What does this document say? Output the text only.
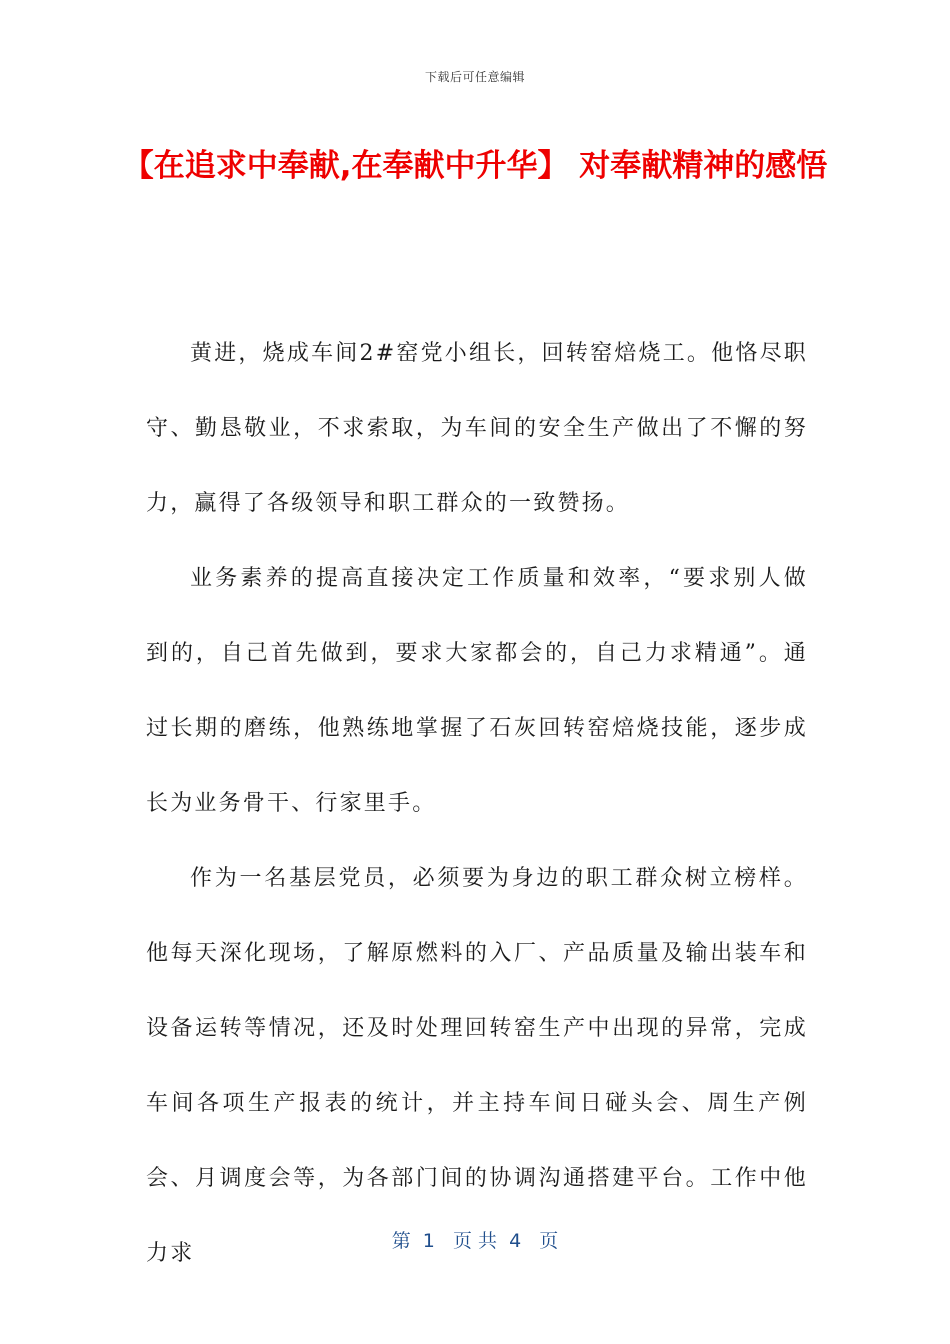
下载后可任意编辑
【在追求中奉献,在奉献中升华】 对奉献精神的感悟

黄进，烧成车间2#窑党小组长，回转窑焙烧工。他恪尽职守、勤恳敬业，不求索取，为车间的安全生产做出了不懈的努力，赢得了各级领导和职工群众的一致赞扬。

业务素养的提高直接决定工作质量和效率，“要求别人做到的，自己首先做到，要求大家都会的，自己力求精通”。通过长期的磨练，他熟练地掌握了石灰回转窑焙烧技能，逐步成长为业务骨干、行家里手。

作为一名基层党员，必须要为身边的职工群众树立榜样。他每天深化现场，了解原燃料的入厂、产品质量及输出装车和设备运转等情况，还及时处理回转窑生产中出现的异常，完成车间各项生产报表的统计，并主持车间日碰头会、周生产例会、月调度会等，为各部门间的协调沟通搭建平台。工作中他力求	第  1   页 共  4   页
